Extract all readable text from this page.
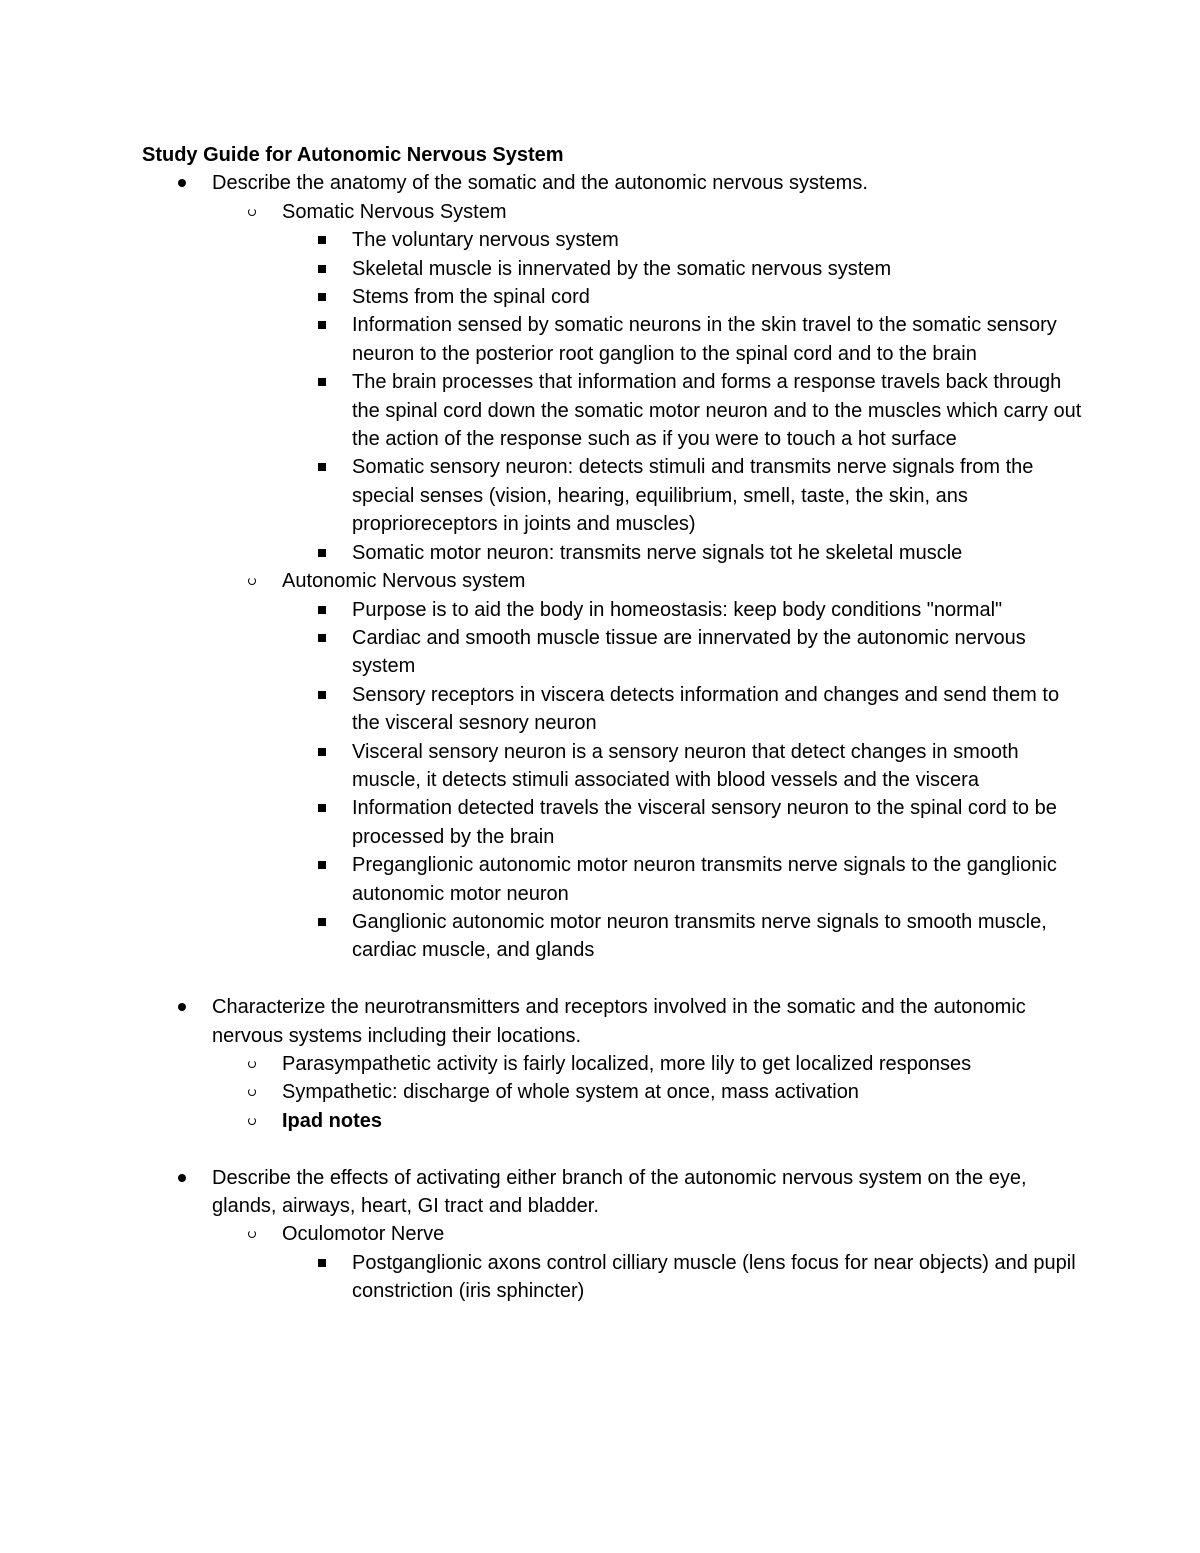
Study Guide for Autonomic Nervous System

Describe the anatomy of the somatic and the autonomic nervous systems.
Somatic Nervous System
The voluntary nervous system
Skeletal muscle is innervated by the somatic nervous system
Stems from the spinal cord
Information sensed by somatic neurons in the skin travel to the somatic sensory neuron to the posterior root ganglion to the spinal cord and to the brain
The brain processes that information and forms a response travels back through the spinal cord down the somatic motor neuron and to the muscles which carry out the action of the response such as if you were to touch a hot surface
Somatic sensory neuron: detects stimuli and transmits nerve signals from the special senses (vision, hearing, equilibrium, smell, taste, the skin, ans proprioreceptors in joints and muscles)
Somatic motor neuron: transmits nerve signals tot he skeletal muscle
Autonomic Nervous system
Purpose is to aid the body in homeostasis: keep body conditions "normal"
Cardiac and smooth muscle tissue are innervated by the autonomic nervous system
Sensory receptors in viscera detects information and changes and send them to the visceral sesnory neuron
Visceral sensory neuron is a sensory neuron that detect changes in smooth muscle, it detects stimuli associated with blood vessels and the viscera
Information detected travels the visceral sensory neuron to the spinal cord to be processed by the brain
Preganglionic autonomic motor neuron transmits nerve signals to the ganglionic autonomic motor neuron
Ganglionic autonomic motor neuron transmits nerve signals to smooth muscle, cardiac muscle, and glands
Characterize the neurotransmitters and receptors involved in the somatic and the autonomic nervous systems including their locations.
Parasympathetic activity is fairly localized, more lily to get localized responses
Sympathetic: discharge of whole system at once, mass activation
Ipad notes
Describe the effects of activating either branch of the autonomic nervous system on the eye, glands, airways, heart, GI tract and bladder.
Oculomotor Nerve
Postganglionic axons control cilliary muscle (lens focus for near objects) and pupil constriction (iris sphincter)
